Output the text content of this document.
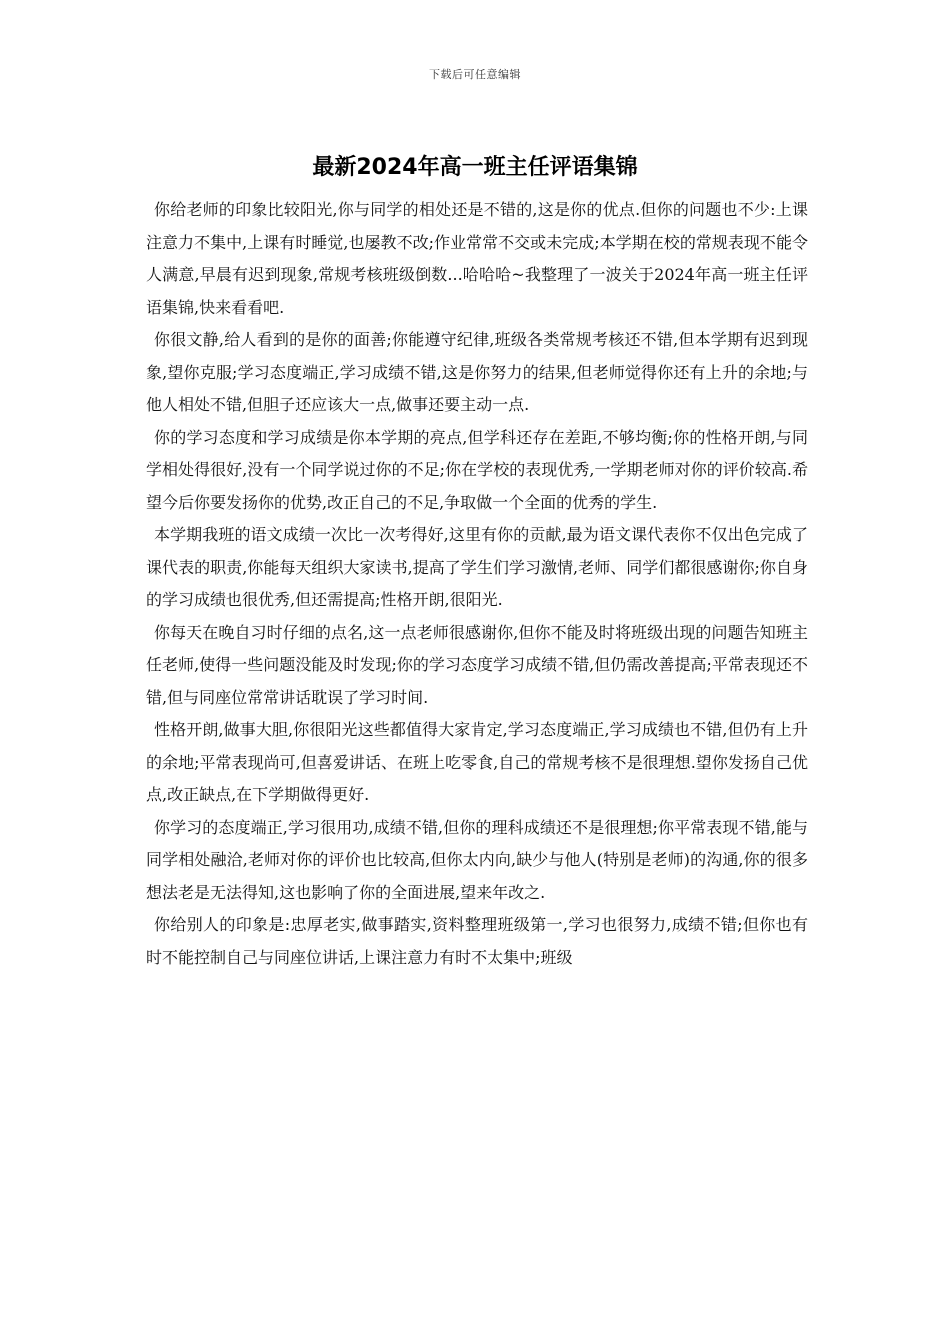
下载后可任意编辑
最新2024年高一班主任评语集锦

你给老师的印象比较阳光,你与同学的相处还是不错的,这是你的优点.但你的问题也不少:上课注意力不集中,上课有时睡觉,也屡教不改;作业常常不交或未完成;本学期在校的常规表现不能令人满意,早晨有迟到现象,常规考核班级倒数...哈哈哈~我整理了一波关于2024年高一班主任评语集锦,快来看看吧.

你很文静,给人看到的是你的面善;你能遵守纪律,班级各类常规考核还不错,但本学期有迟到现象,望你克服;学习态度端正,学习成绩不错,这是你努力的结果,但老师觉得你还有上升的余地;与他人相处不错,但胆子还应该大一点,做事还要主动一点.

你的学习态度和学习成绩是你本学期的亮点,但学科还存在差距,不够均衡;你的性格开朗,与同学相处得很好,没有一个同学说过你的不足;你在学校的表现优秀,一学期老师对你的评价较高.希望今后你要发扬你的优势,改正自己的不足,争取做一个全面的优秀的学生.

本学期我班的语文成绩一次比一次考得好,这里有你的贡献,最为语文课代表你不仅出色完成了课代表的职责,你能每天组织大家读书,提高了学生们学习激情,老师、同学们都很感谢你;你自身的学习成绩也很优秀,但还需提高;性格开朗,很阳光.

你每天在晚自习时仔细的点名,这一点老师很感谢你,但你不能及时将班级出现的问题告知班主任老师,使得一些问题没能及时发现;你的学习态度学习成绩不错,但仍需改善提高;平常表现还不错,但与同座位常常讲话耽误了学习时间.

性格开朗,做事大胆,你很阳光这些都值得大家肯定,学习态度端正,学习成绩也不错,但仍有上升的余地;平常表现尚可,但喜爱讲话、在班上吃零食,自己的常规考核不是很理想.望你发扬自己优点,改正缺点,在下学期做得更好.

你学习的态度端正,学习很用功,成绩不错,但你的理科成绩还不是很理想;你平常表现不错,能与同学相处融洽,老师对你的评价也比较高,但你太内向,缺少与他人(特别是老师)的沟通,你的很多想法老是无法得知,这也影响了你的全面进展,望来年改之.

你给别人的印象是:忠厚老实,做事踏实,资料整理班级第一,学习也很努力,成绩不错;但你也有时不能控制自己与同座位讲话,上课注意力有时不太集中;班级
